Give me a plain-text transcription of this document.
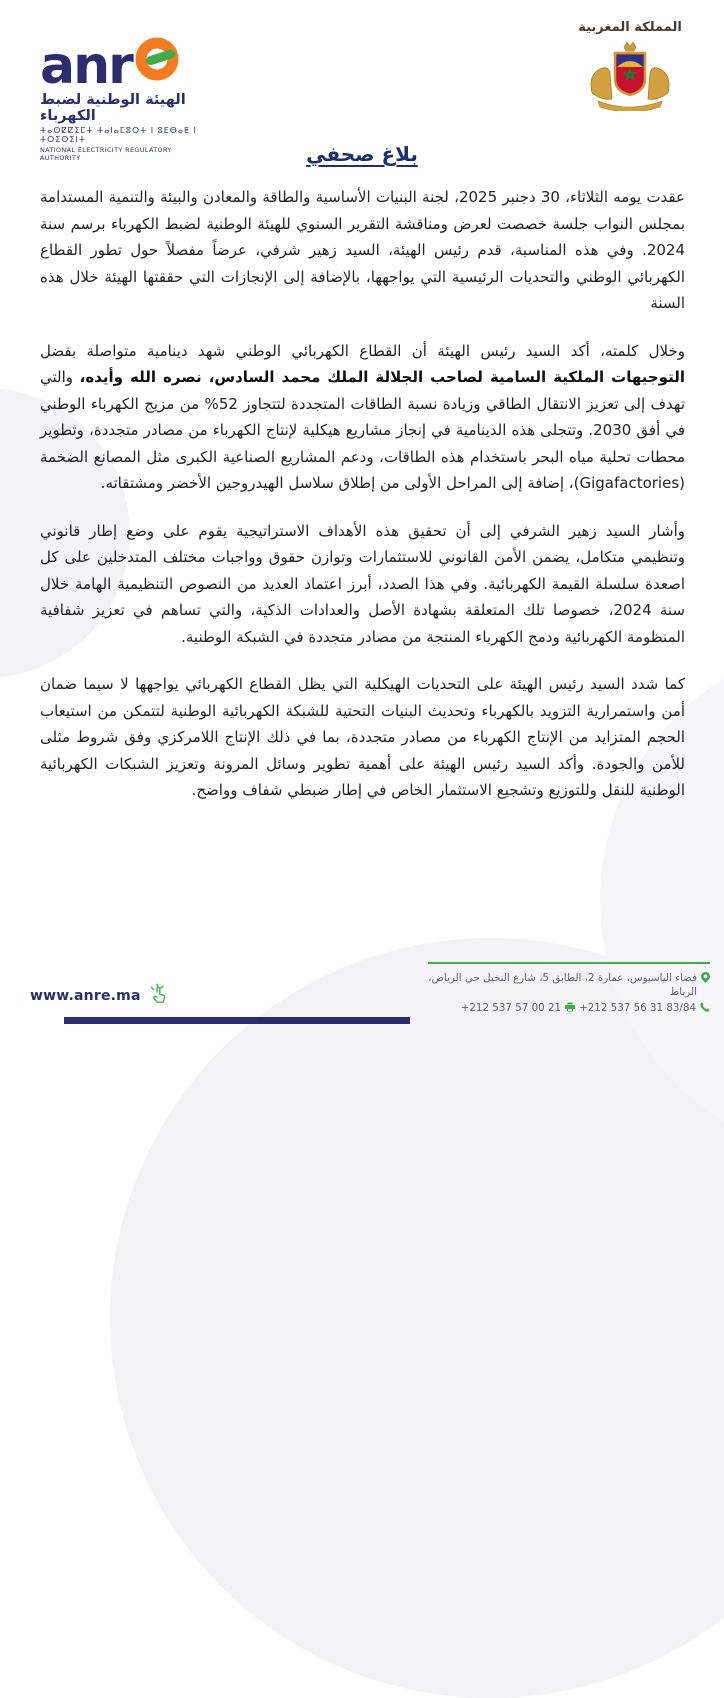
anr
الهيئة الوطنية لضبط الكهرباء
ⵜⴰⵙⵇⵇⵉⵎⵜ ⵜⴰⵏⴰⵎⵓⵔⵜ ⵏ ⵓⴹⴱⴰⵟ ⵏ ⵜⵔⵉⵙⵉⵏⵜ
NATIONAL ELECTRICITY REGULATORY AUTHORITY
المملكة المغربية
بلاغ صحفي

عقدت يومه الثلاثاء، 30 دجنبر 2025، لجنة البنيات الأساسية والطاقة والمعادن والبيئة والتنمية المستدامة بمجلس النواب جلسة خصصت لعرض ومناقشة التقرير السنوي للهيئة الوطنية لضبط الكهرباء برسم سنة 2024. وفي هذه المناسبة، قدم رئيس الهيئة، السيد زهير شرفي، عرضاً مفصلاً حول تطور القطاع الكهربائي الوطني والتحديات الرئيسية التي يواجهها، بالإضافة إلى الإنجازات التي حققتها الهيئة خلال هذه السنة

وخلال كلمته، أكد السيد رئيس الهيئة أن القطاع الكهربائي الوطني شهد دينامية متواصلة بفضل التوجيهات الملكية السامية لصاحب الجلالة الملك محمد السادس، نصره الله وأيده، والتي تهدف إلى تعزيز الانتقال الطاقي وزيادة نسبة الطاقات المتجددة لتتجاوز 52% من مزيج الكهرباء الوطني في أفق 2030. وتتجلى هذه الدينامية في إنجاز مشاريع هيكلية لإنتاج الكهرباء من مصادر متجددة، وتطوير محطات تحلية مياه البحر باستخدام هذه الطاقات، ودعم المشاريع الصناعية الكبرى مثل المصانع الضخمة (Gigafactories)، إضافة إلى المراحل الأولى من إطلاق سلاسل الهيدروجين الأخضر ومشتقاته.

وأشار السيد زهير الشرفي إلى أن تحقيق هذه الأهداف الاستراتيجية يقوم على وضع إطار قانوني وتنظيمي متكامل، يضمن الأمن القانوني للاستثمارات وتوازن حقوق وواجبات مختلف المتدخلين على كل اصعدة سلسلة القيمة الكهربائية. وفي هذا الصدد، أبرز اعتماد العديد من النصوص التنظيمية الهامة خلال سنة 2024، خصوصا تلك المتعلقة بشهادة الأصل والعدادات الذكية، والتي تساهم في تعزيز شفافية المنظومة الكهربائية ودمج الكهرباء المنتجة من مصادر متجددة في الشبكة الوطنية.

كما شدد السيد رئيس الهيئة على التحديات الهيكلية التي يظل القطاع الكهربائي يواجهها لا سيما ضمان أمن واستمرارية التزويد بالكهرباء وتحديث البنيات التحتية للشبكة الكهربائية الوطنية لتتمكن من استيعاب الحجم المتزايد من الإنتاج الكهرباء من مصادر متجددة، بما في ذلك الإنتاج اللامركزي وفق شروط مثلى للأمن والجودة. وأكد السيد رئيس الهيئة على أهمية تطوير وسائل المرونة وتعزيز الشبكات الكهربائية الوطنية للنقل وللتوزيع وتشجيع الاستثمار الخاص في إطار ضبطي شفاف وواضح.

فضاء الياسيوس، عمارة 2، الطابق 5، شارع النخيل حي الرياض، الرباط
+212 537 56 31 83/84
+212 537 57 00 21
www.anre.ma
